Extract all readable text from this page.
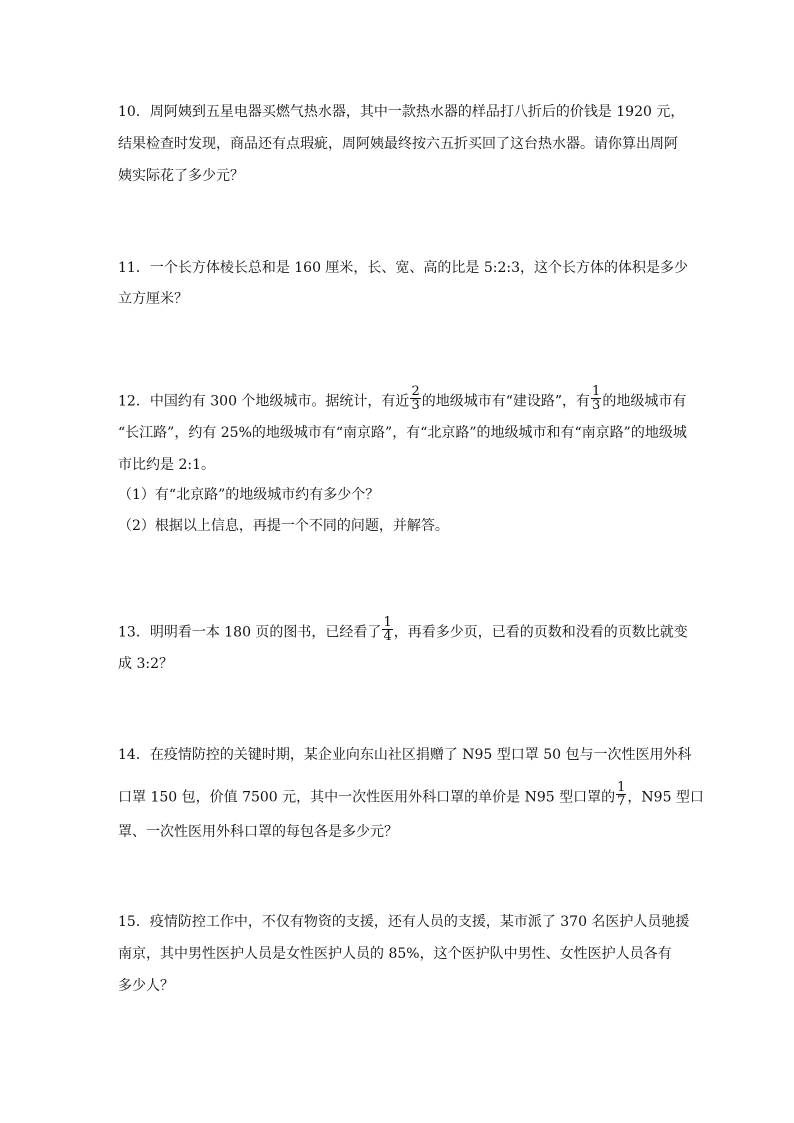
10．周阿姨到五星电器买燃气热水器，其中一款热水器的样品打八折后的价钱是 1920 元，
结果检查时发现，商品还有点瑕疵，周阿姨最终按六五折买回了这台热水器。请你算出周阿
姨实际花了多少元？
11．一个长方体棱长总和是 160 厘米，长、宽、高的比是 5:2:3，这个长方体的体积是多少
立方厘米？
12．中国约有 300 个地级城市。据统计，有近 $\frac{2}{3}$ 的地级城市有“建设路”，有 $\frac{1}{3}$ 的地级城市有
“长江路”，约有 25%的地级城市有“南京路”，有“北京路”的地级城市和有“南京路”的地级城
市比约是 2:1。
（1）有“北京路”的地级城市约有多少个？
（2）根据以上信息，再提一个不同的问题，并解答。
13．明明看一本 180 页的图书，已经看了 $\frac{1}{4}$ ，再看多少页，已看的页数和没看的页数比就变
成 3:2？
14．在疫情防控的关键时期，某企业向东山社区捐赠了 N95 型口罩 50 包与一次性医用外科
口罩 150 包，价值 7500 元，其中一次性医用外科口罩的单价是 N95 型口罩的 $\frac{1}{7}$ ，N95 型口
罩、一次性医用外科口罩的每包各是多少元？
15．疫情防控工作中，不仅有物资的支援，还有人员的支援，某市派了 370 名医护人员驰援
南京，其中男性医护人员是女性医护人员的 85%，这个医护队中男性、女性医护人员各有
多少人？
